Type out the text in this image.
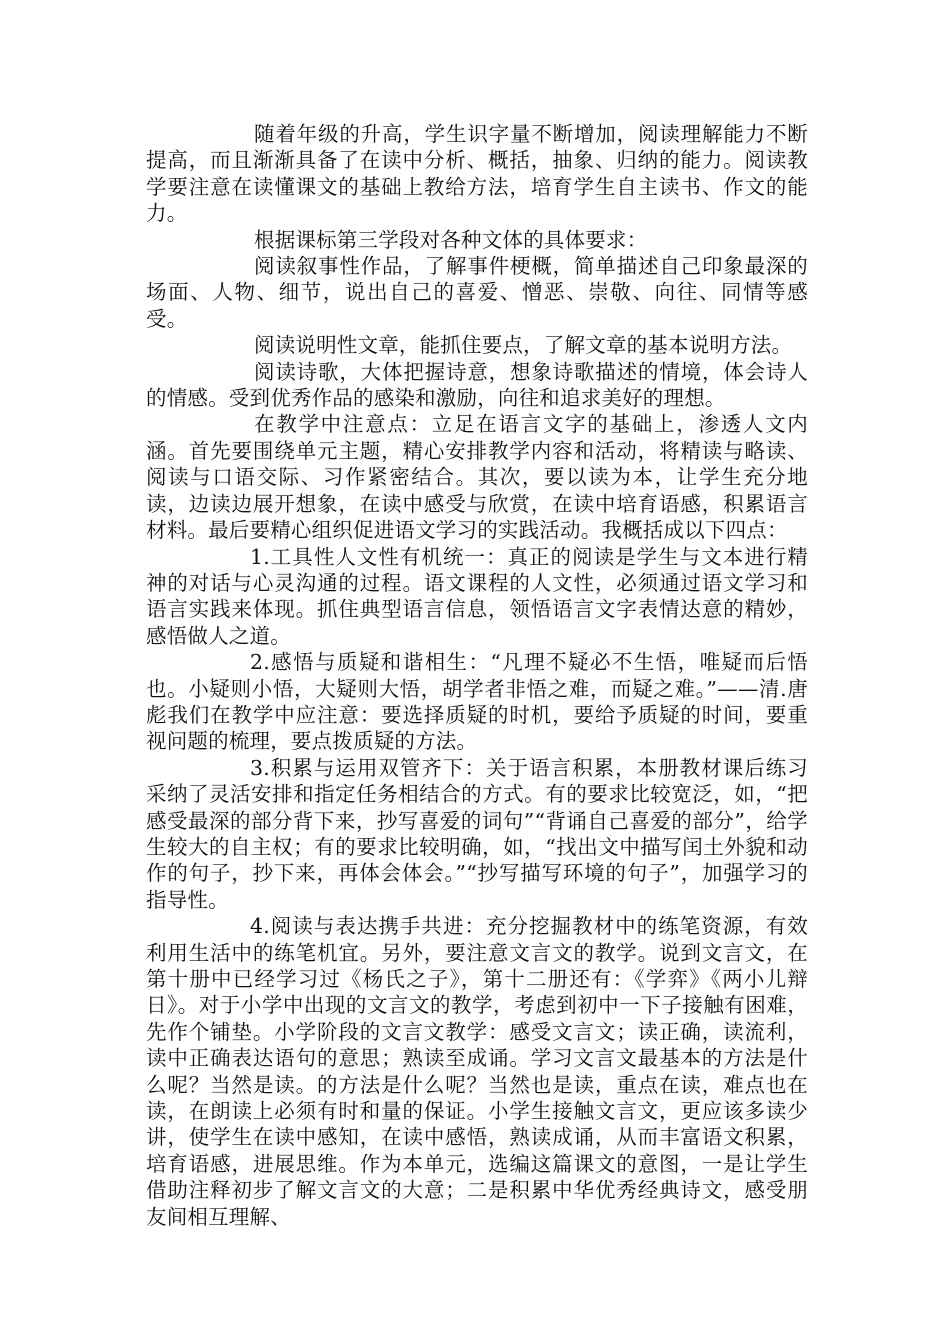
随着年级的升高，学生识字量不断增加，阅读理解能力不断提高，而且渐渐具备了在读中分析、概括，抽象、归纳的能力。阅读教学要注意在读懂课文的基础上教给方法，培育学生自主读书、作文的能力。

根据课标第三学段对各种文体的具体要求：

阅读叙事性作品，了解事件梗概，简单描述自己印象最深的场面、人物、细节，说出自己的喜爱、憎恶、崇敬、向往、同情等感受。

阅读说明性文章，能抓住要点，了解文章的基本说明方法。

阅读诗歌，大体把握诗意，想象诗歌描述的情境，体会诗人的情感。受到优秀作品的感染和激励，向往和追求美好的理想。

在教学中注意点：立足在语言文字的基础上，渗透人文内涵。首先要围绕单元主题，精心安排教学内容和活动，将精读与略读、阅读与口语交际、习作紧密结合。其次，要以读为本，让学生充分地读，边读边展开想象，在读中感受与欣赏，在读中培育语感，积累语言材料。最后要精心组织促进语文学习的实践活动。我概括成以下四点：

1.工具性人文性有机统一：真正的阅读是学生与文本进行精神的对话与心灵沟通的过程。语文课程的人文性，必须通过语文学习和语言实践来体现。抓住典型语言信息，领悟语言文字表情达意的精妙，感悟做人之道。

2.感悟与质疑和谐相生：“凡理不疑必不生悟，唯疑而后悟也。小疑则小悟，大疑则大悟，胡学者非悟之难，而疑之难。”——清.唐彪我们在教学中应注意：要选择质疑的时机，要给予质疑的时间，要重视问题的梳理，要点拨质疑的方法。

3.积累与运用双管齐下：关于语言积累，本册教材课后练习采纳了灵活安排和指定任务相结合的方式。有的要求比较宽泛，如，“把感受最深的部分背下来，抄写喜爱的词句”“背诵自己喜爱的部分”，给学生较大的自主权；有的要求比较明确，如，“找出文中描写闰土外貌和动作的句子，抄下来，再体会体会。”“抄写描写环境的句子”，加强学习的指导性。

4.阅读与表达携手共进：充分挖掘教材中的练笔资源，有效利用生活中的练笔机宜。另外，要注意文言文的教学。说到文言文，在第十册中已经学习过《杨氏之子》，第十二册还有：《学弈》《两小儿辩日》。对于小学中出现的文言文的教学，考虑到初中一下子接触有困难，先作个铺垫。小学阶段的文言文教学：感受文言文；读正确，读流利，读中正确表达语句的意思；熟读至成诵。学习文言文最基本的方法是什么呢？当然是读。的方法是什么呢？当然也是读，重点在读，难点也在读，在朗读上必须有时和量的保证。小学生接触文言文，更应该多读少讲，使学生在读中感知，在读中感悟，熟读成诵，从而丰富语文积累，培育语感，进展思维。作为本单元，选编这篇课文的意图，一是让学生借助注释初步了解文言文的大意；二是积累中华优秀经典诗文，感受朋友间相互理解、
